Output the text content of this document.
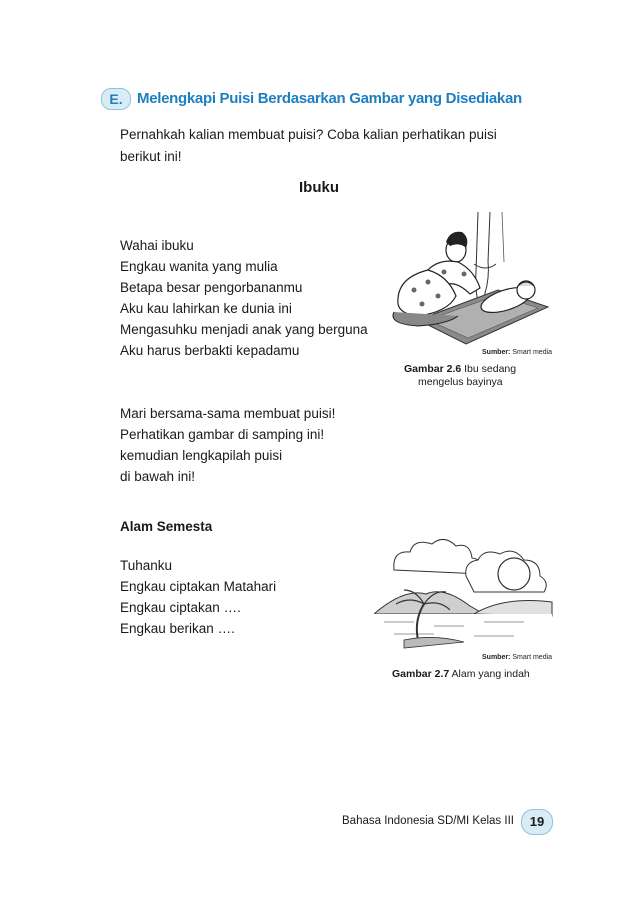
E. Melengkapi Puisi Berdasarkan Gambar yang Disediakan
Pernahkah kalian membuat puisi? Coba kalian perhatikan puisi
berikut ini!
Ibuku
Wahai ibuku
Engkau wanita yang mulia
Betapa besar pengorbananmu
Aku kau lahirkan ke dunia ini
Mengasuhku menjadi anak yang berguna
Aku harus berbakti kepadamu	Sumber: Smart media
Gambar 2.6 Ibu sedang
mengelus bayinya
Mari bersama-sama membuat puisi!
Perhatikan gambar di samping ini!
kemudian lengkapilah puisi
di bawah ini!
Alam Semesta
Tuhanku
Engkau ciptakan Matahari
Engkau ciptakan ….
Engkau berikan ….
Sumber: Smart media
Gambar 2.7 Alam yang indah
Bahasa Indonesia SD/MI Kelas III	19
